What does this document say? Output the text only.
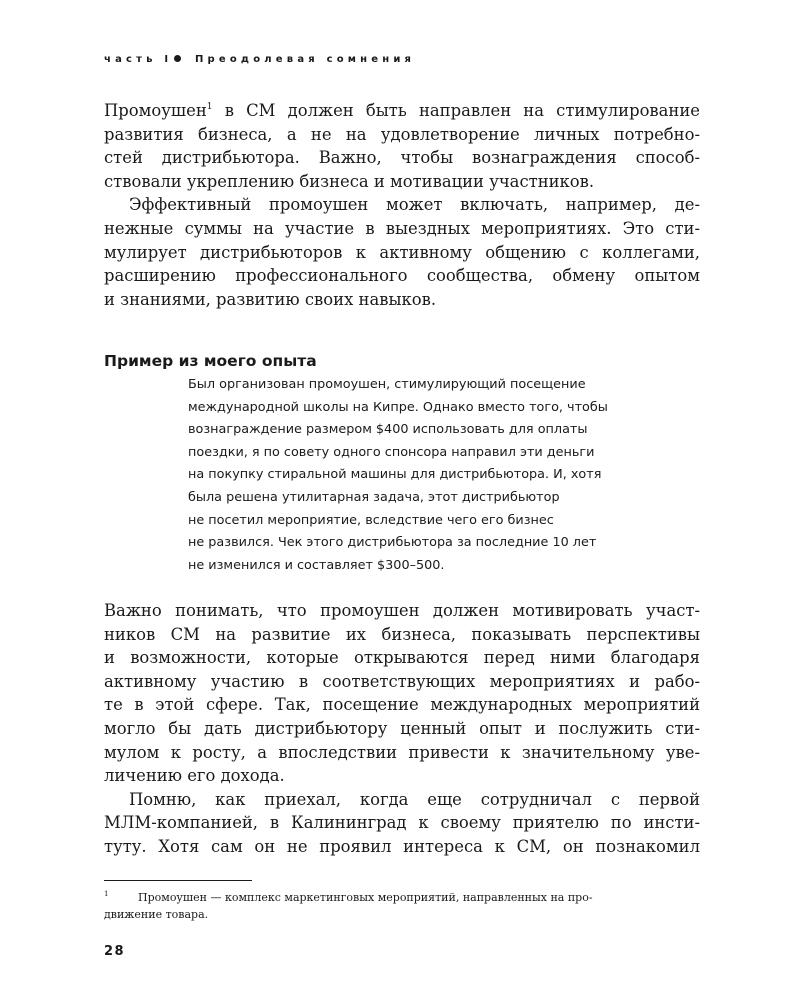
часть I Преодолевая сомнения
Промоушен$^1$ в СМ должен быть направлен на стимулирование
развития бизнеса, а не на удовлетворение личных потребно-
стей дистрибьютора. Важно, чтобы вознаграждения способ-
ствовали укреплению бизнеса и мотивации участников.
Эффективный промоушен может включать, например, де-
нежные суммы на участие в выездных мероприятиях. Это сти-
мулирует дистрибьюторов к активному общению с коллегами,
расширению профессионального сообщества, обмену опытом
и знаниями, развитию своих навыков.
Пример из моего опыта
Был организован промоушен, стимулирующий посещение
международной школы на Кипре. Однако вместо того, чтобы
вознаграждение размером $400 использовать для оплаты
поездки, я по совету одного спонсора направил эти деньги
на покупку стиральной машины для дистрибьютора. И, хотя
была решена утилитарная задача, этот дистрибьютор
не посетил мероприятие, вследствие чего его бизнес
не развился. Чек этого дистрибьютора за последние 10 лет
не изменился и составляет $300–500.
Важно понимать, что промоушен должен мотивировать участ-
ников СМ на развитие их бизнеса, показывать перспективы
и возможности, которые открываются перед ними благодаря
активному участию в соответствующих мероприятиях и рабо-
те в этой сфере. Так, посещение международных мероприятий
могло бы дать дистрибьютору ценный опыт и послужить сти-
мулом к росту, а впоследствии привести к значительному уве-
личению его дохода.
Помню, как приехал, когда еще сотрудничал с первой
МЛМ-компанией, в Калининград к своему приятелю по инсти-
туту. Хотя сам он не проявил интереса к СМ, он познакомил
1	Промоушен — комплекс маркетинговых мероприятий, направленных на про-
движение товара.
28
